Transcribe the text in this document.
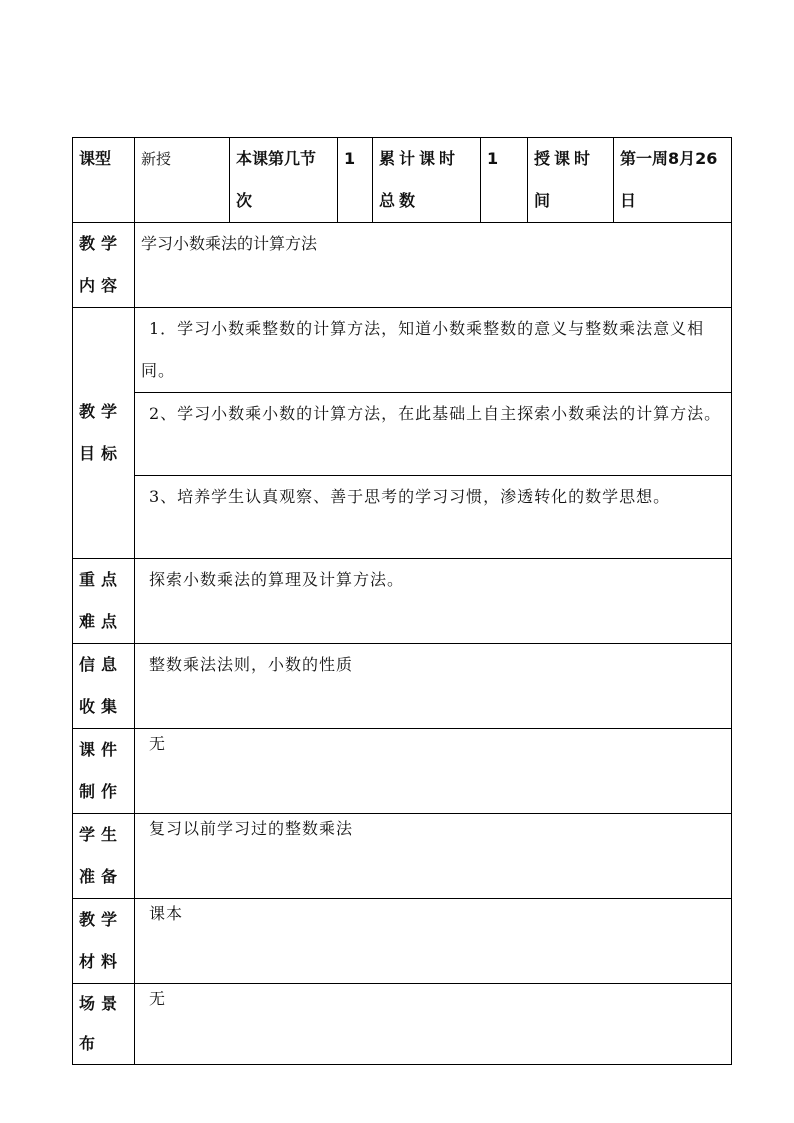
课型	新授	本课第几节次	1	累计课时总数	1	授课时间	第一周8月26日
教学内容	学习小数乘法的计算方法						
教学目标	1．学习小数乘整数的计算方法，知道小数乘整数的意义与整数乘法意义相同。						
	2、学习小数乘小数的计算方法，在此基础上自主探索小数乘法的计算方法。						
	3、培养学生认真观察、善于思考的学习习惯，渗透转化的数学思想。						
重点难点	探索小数乘法的算理及计算方法。						
信息收集	整数乘法法则，小数的性质						
课件制作	无						
学生准备	复习以前学习过的整数乘法						
教学材料	课本						
场景布	无						
